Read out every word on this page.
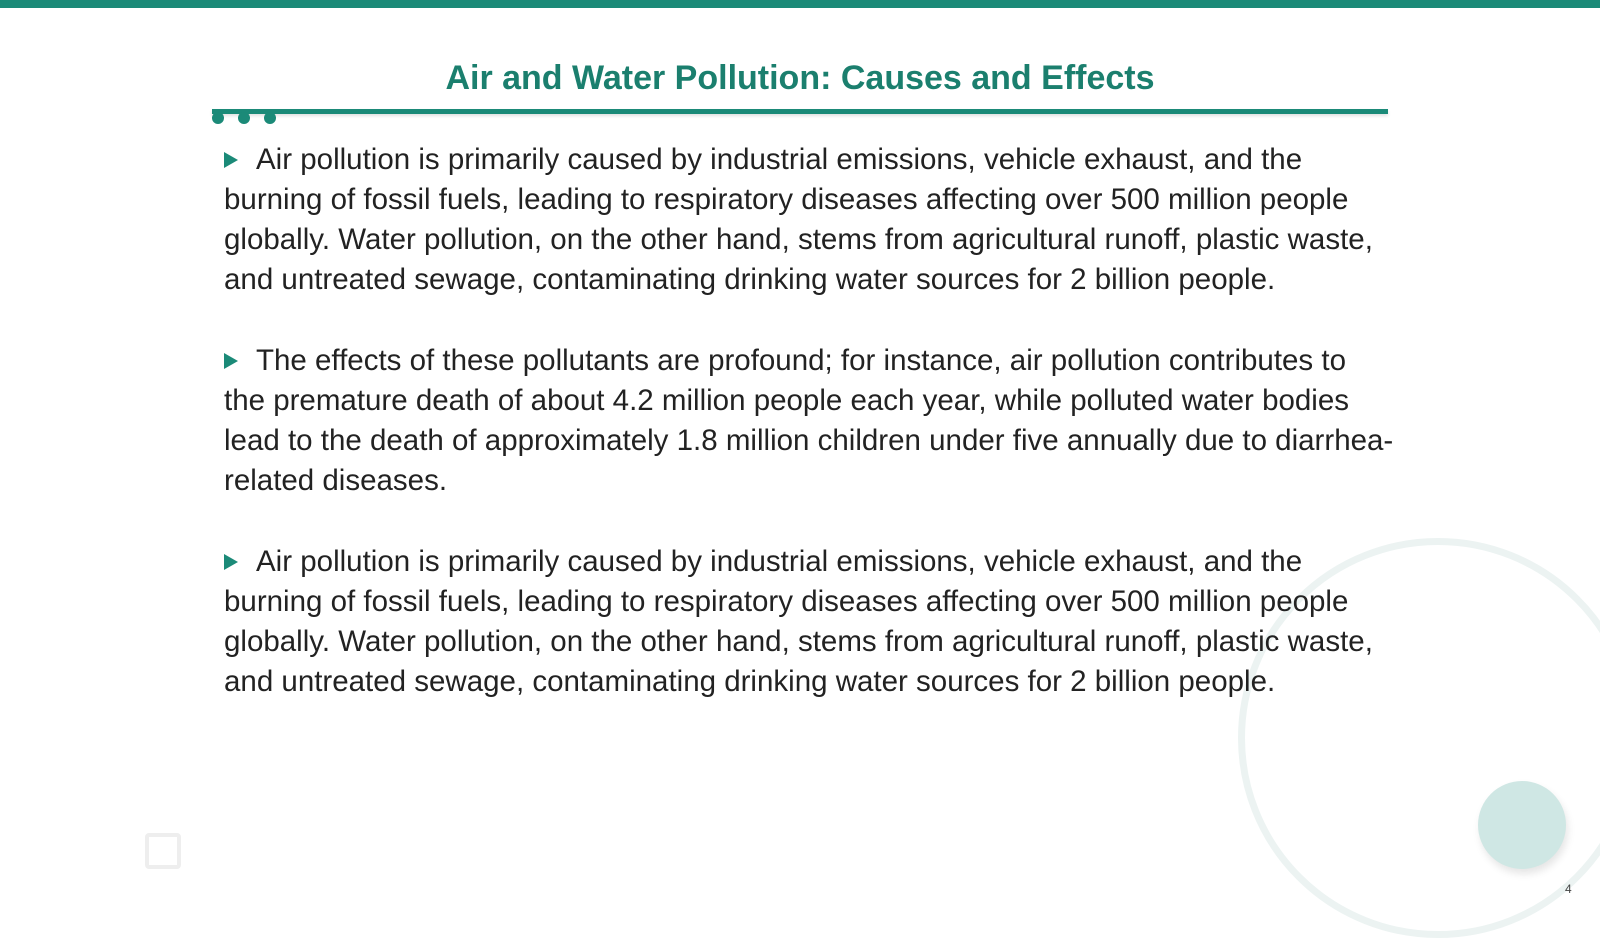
Air and Water Pollution: Causes and Effects

Air pollution is primarily caused by industrial emissions, vehicle exhaust, and the burning of fossil fuels, leading to respiratory diseases affecting over 500 million people globally. Water pollution, on the other hand, stems from agricultural runoff, plastic waste, and untreated sewage, contaminating drinking water sources for 2 billion people.

The effects of these pollutants are profound; for instance, air pollution contributes to the premature death of about 4.2 million people each year, while polluted water bodies lead to the death of approximately 1.8 million children under five annually due to diarrhea-related diseases.

Air pollution is primarily caused by industrial emissions, vehicle exhaust, and the burning of fossil fuels, leading to respiratory diseases affecting over 500 million people globally. Water pollution, on the other hand, stems from agricultural runoff, plastic waste, and untreated sewage, contaminating drinking water sources for 2 billion people.

4
